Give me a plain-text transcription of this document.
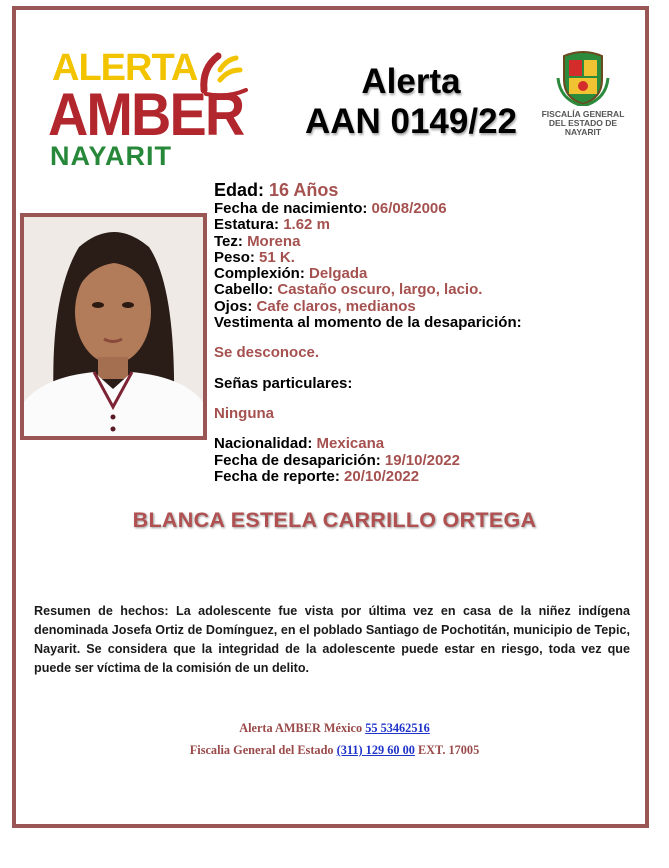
ALERTA
AMBER
NAYARIT
Alerta
AAN 0149/22	FISCALÍA GENERAL
DEL ESTADO DE
NAYARIT
Edad: 16 Años
Fecha de nacimiento: 06/08/2006
Estatura: 1.62 m
Tez: Morena
Peso: 51 K.
Complexión: Delgada
Cabello: Castaño oscuro, largo, lacio.
Ojos: Cafe claros, medianos
Vestimenta al momento de la desaparición:
Se desconoce.
Señas particulares:
Ninguna
Nacionalidad: Mexicana
Fecha de desaparición: 19/10/2022
Fecha de reporte: 20/10/2022
BLANCA ESTELA CARRILLO ORTEGA
Resumen de hechos: La adolescente fue vista por última vez en casa de la niñez indígena denominada Josefa Ortiz de Domínguez, en el poblado Santiago de Pochotitán, municipio de Tepic, Nayarit. Se considera que la integridad de la adolescente puede estar en riesgo, toda vez que puede ser víctima de la comisión de un delito.
Alerta AMBER México 55 53462516
Fiscalia General del Estado (311) 129 60 00 EXT. 17005
